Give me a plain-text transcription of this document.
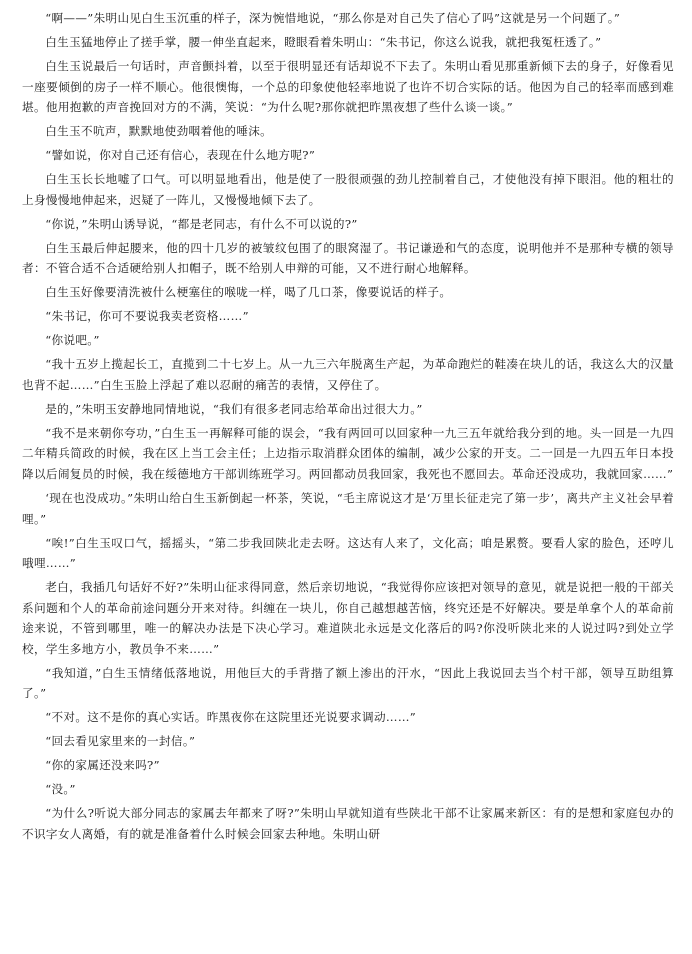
“啊——”朱明山见白生玉沉重的样子，深为惋惜地说，“那么你是对自己失了信心了吗”这就是另一个问题了。”

白生玉猛地停止了搓手掌，腰一伸坐直起来，瞪眼看着朱明山：“朱书记，你这么说我，就把我冤枉透了。”

白生玉说最后一句话时，声音颤抖着，以至于很明显还有话却说不下去了。朱明山看见那重新倾下去的身子，好像看见一座要倾倒的房子一样不顺心。他很懊悔，一个总的印象使他轻率地说了也许不切合实际的话。他因为自己的轻率而感到难堪。他用抱歉的声音挽回对方的不满，笑说：“为什么呢?那你就把昨黑夜想了些什么谈一谈。”

白生玉不吭声，默默地使劲咽着他的唾沫。

“譬如说，你对自己还有信心，表现在什么地方呢?”

白生玉长长地嘘了口气。可以明显地看出，他是使了一股很顽强的劲儿控制着自己，才使他没有掉下眼泪。他的粗壮的上身慢慢地伸起来，迟疑了一阵儿，又慢慢地倾下去了。

“你说，”朱明山诱导说，“都是老同志，有什么不可以说的?”

白生玉最后伸起腰来，他的四十几岁的被皱纹包围了的眼窝湿了。书记谦逊和气的态度，说明他并不是那种专横的领导者：不管合适不合适硬给别人扣帽子，既不给别人申辩的可能，又不进行耐心地解释。

白生玉好像要清洗被什么梗塞住的喉咙一样，喝了几口茶，像要说话的样子。

“朱书记，你可不要说我卖老资格……”

“你说吧。”

“我十五岁上揽起长工，直揽到二十七岁上。从一九三六年脱离生产起，为革命跑烂的鞋凑在块儿的话，我这么大的汉量也背不起……”白生玉脸上浮起了难以忍耐的痛苦的表情，又停住了。

是的，”朱明玉安静地同情地说，“我们有很多老同志给革命出过很大力。”

“我不是来朝你夸功，”白生玉一再解释可能的误会，“我有两回可以回家种一九三五年就给我分到的地。头一回是一九四二年精兵简政的时候，我在区上当工会主任；上边指示取消群众团体的编制，减少公家的开支。二一回是一九四五年日本投降以后闹复员的时候，我在绥德地方干部训练班学习。两回都动员我回家，我死也不愿回去。革命还没成功，我就回家……”

‘现在也没成功。”朱明山给白生玉新倒起一杯茶，笑说，“毛主席说这才是‘万里长征走完了第一步’，离共产主义社会早着哩。”

“唉!”白生玉叹口气，摇摇头，“第二步我回陕北走去呀。这达有人来了，文化高；咱是累赘。要看人家的脸色，还哼儿哦哩……”

老白，我插几句话好不好?”朱明山征求得同意，然后亲切地说，“我觉得你应该把对领导的意见，就是说把一般的干部关系问题和个人的革命前途问题分开来对待。纠缠在一块儿，你自己越想越苦恼，终究还是不好解决。要是单拿个人的革命前途来说，不管到哪里，唯一的解决办法是下决心学习。难道陕北永远是文化落后的吗?你没听陕北来的人说过吗?到处立学校，学生多地方小，教员争不来……”

“我知道，”白生玉情绪低落地说，用他巨大的手背揩了额上渗出的汗水，“因此上我说回去当个村干部，领导互助组算了。”

“不对。这不是你的真心实话。昨黑夜你在这院里还光说要求调动……”

“回去看见家里来的一封信。”

“你的家属还没来吗?”

“没。”

“为什么?听说大部分同志的家属去年都来了呀?”朱明山早就知道有些陕北干部不让家属来新区：有的是想和家庭包办的不识字女人离婚，有的就是准备着什么时候会回家去种地。朱明山研
